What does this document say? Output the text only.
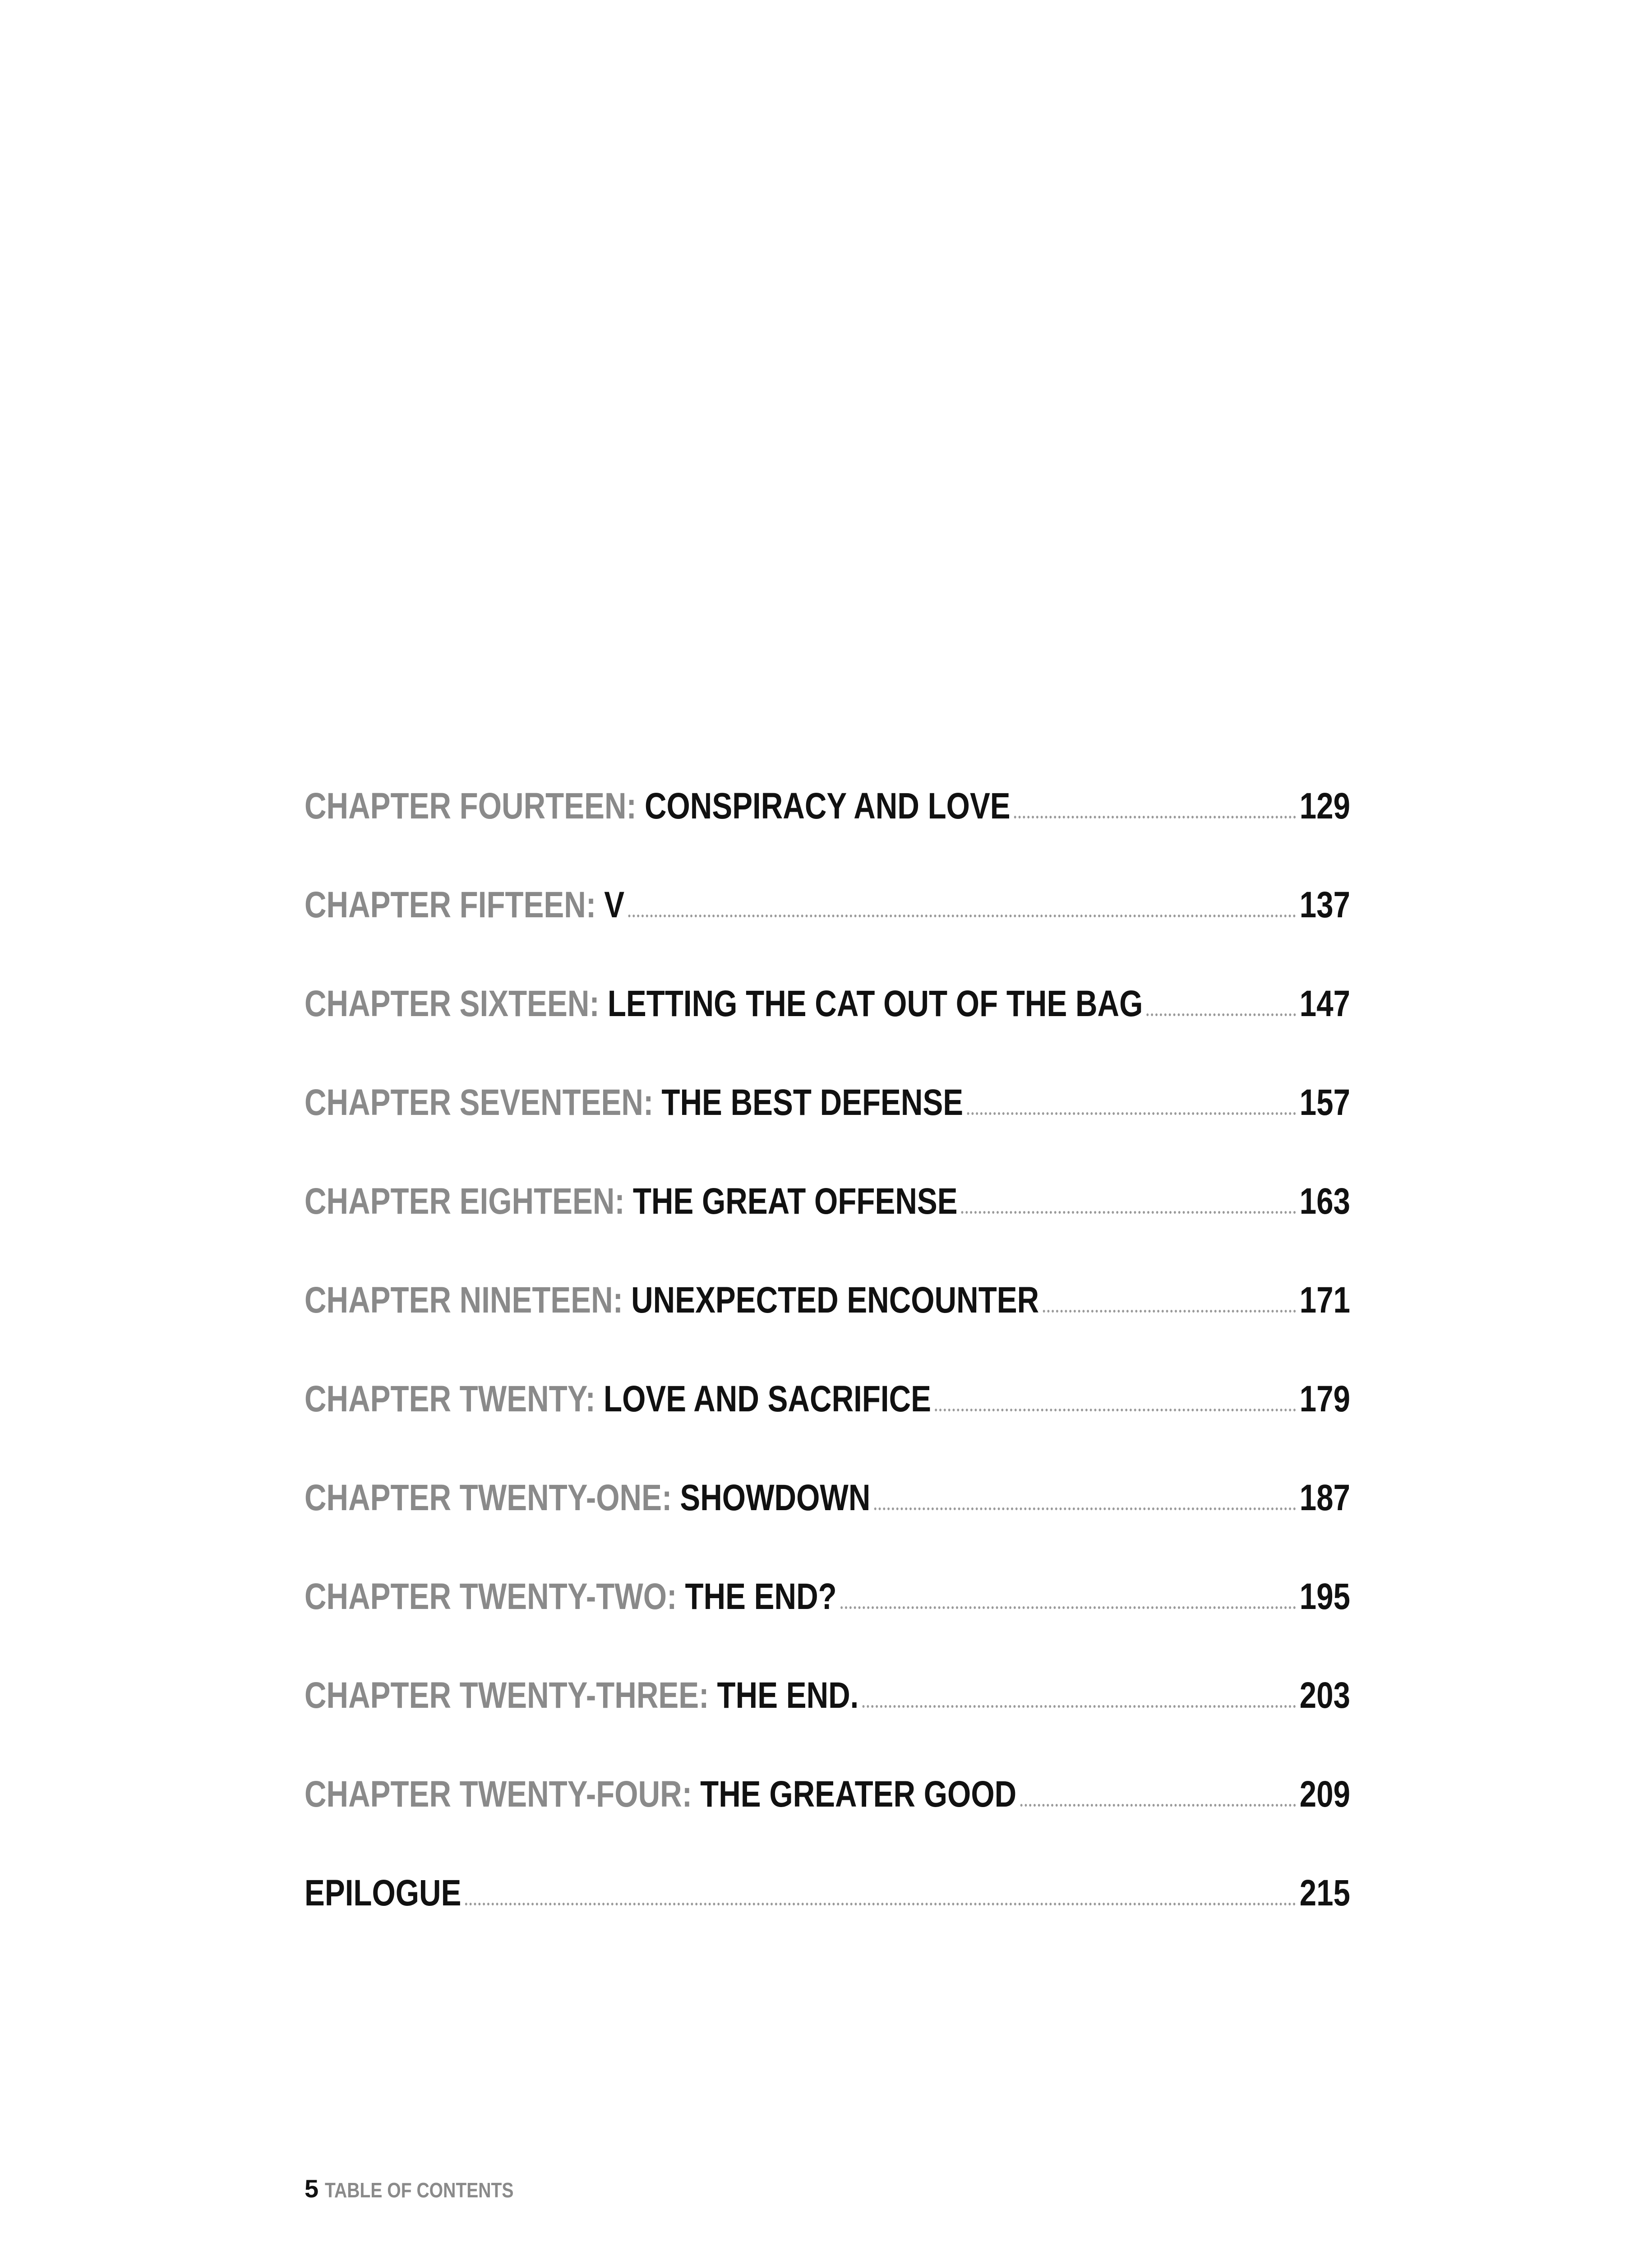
CHAPTER FOURTEEN: CONSPIRACY AND LOVE	129
CHAPTER FIFTEEN: V	137
CHAPTER SIXTEEN: LETTING THE CAT OUT OF THE BAG	147
CHAPTER SEVENTEEN: THE BEST DEFENSE	157
CHAPTER EIGHTEEN: THE GREAT OFFENSE	163
CHAPTER NINETEEN: UNEXPECTED ENCOUNTER	171
CHAPTER TWENTY: LOVE AND SACRIFICE	179
CHAPTER TWENTY-ONE: SHOWDOWN	187
CHAPTER TWENTY-TWO: THE END?	195
CHAPTER TWENTY-THREE: THE END.	203
CHAPTER TWENTY-FOUR: THE GREATER GOOD	209
EPILOGUE	215
5 TABLE OF CONTENTS
